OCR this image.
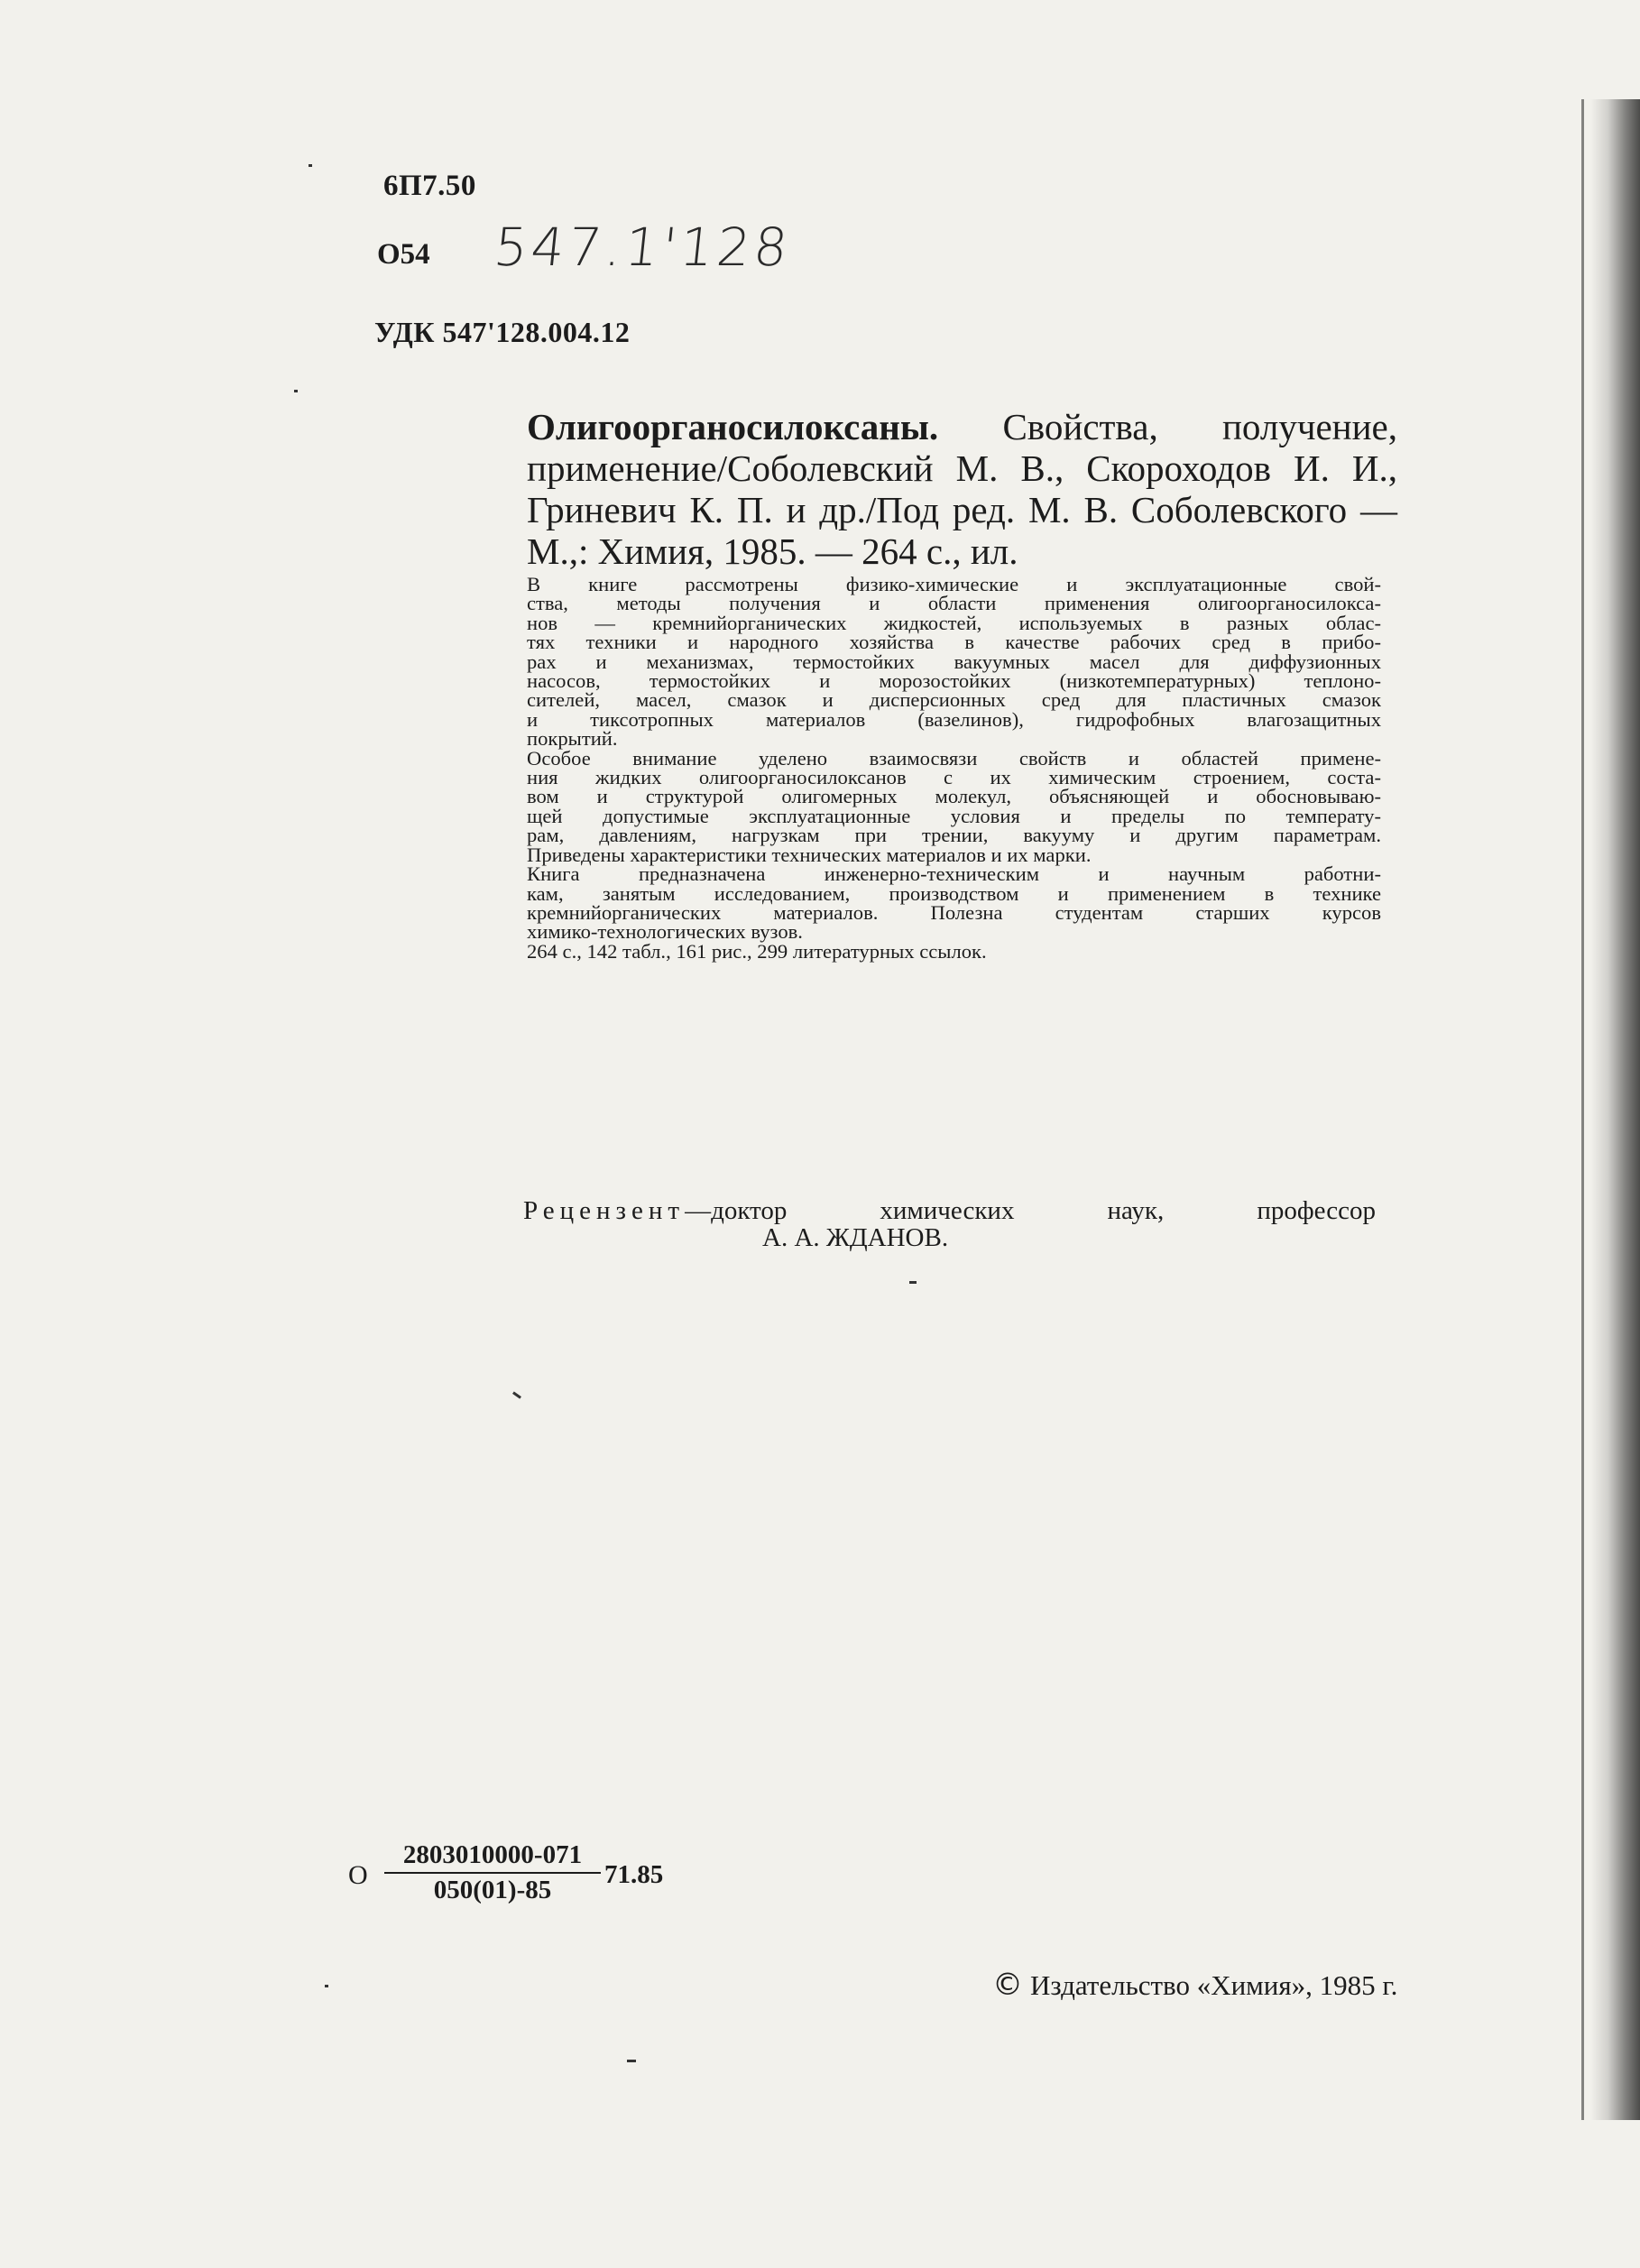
6П7.50
О54 547.1'128
УДК 547'128.004.12
Олигоорганосилоксаны. Свойства, получение, применение/Соболевский М. В., Скороходов И. И., Гриневич К. П. и др./Под ред. М. В. Соболевского — М.,: Химия, 1985. — 264 с., ил.
В книге рассмотрены физико-химические и эксплуатационные свой-
ства, методы получения и области применения олигоорганосилокса-
нов — кремнийорганических жидкостей, используемых в разных облас-
тях техники и народного хозяйства в качестве рабочих сред в прибо-
рах и механизмах, термостойких вакуумных масел для диффузионных
насосов, термостойких и морозостойких (низкотемпературных) теплоно-
сителей, масел, смазок и дисперсионных сред для пластичных смазок
и тиксотропных материалов (вазелинов), гидрофобных влагозащитных
покрытий.
Особое внимание уделено взаимосвязи свойств и областей примене-
ния жидких олигоорганосилоксанов с их химическим строением, соста-
вом и структурой олигомерных молекул, объясняющей и обосновываю-
щей допустимые эксплуатационные условия и пределы по температу-
рам, давлениям, нагрузкам при трении, вакууму и другим параметрам.
Приведены характеристики технических материалов и их марки.
Книга предназначена инженерно-техническим и научным работни-
кам, занятым исследованием, производством и применением в технике
кремнийорганических материалов. Полезна студентам старших курсов
химико-технологических вузов.
264 с., 142 табл., 161 рис., 299 литературных ссылок.
Рецензент—доктор	химических	наук,	профессор
А. А. ЖДАНОВ.
О $\frac{2803010000-071}{050(01)-85} 71.85$
© Издательство «Химия», 1985 г.
